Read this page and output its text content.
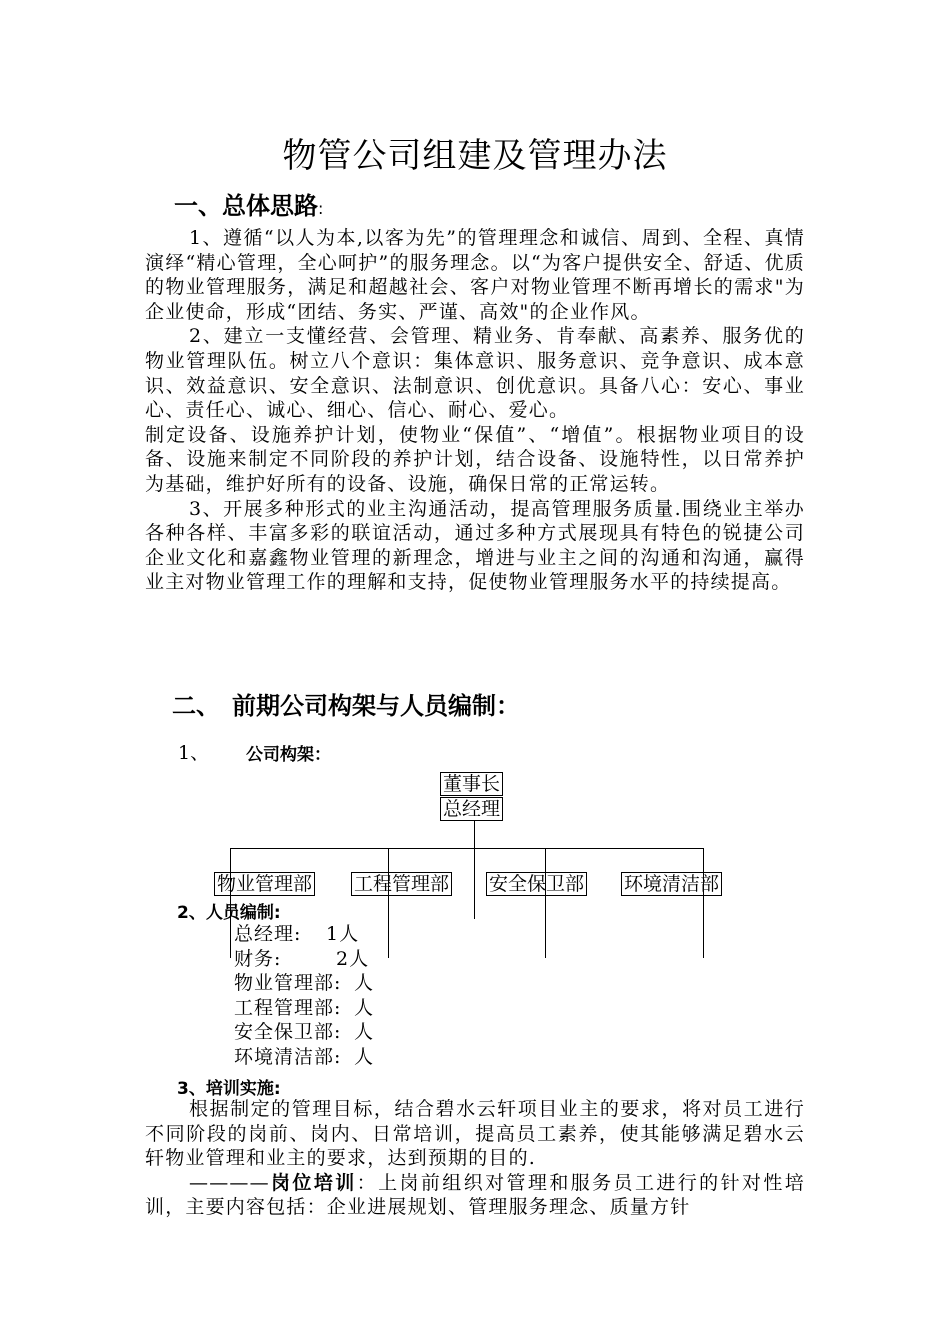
物管公司组建及管理办法
一、总体思路:

1、遵循“以人为本,以客为先”的管理理念和诚信、周到、全程、真情演绎“精心管理，全心呵护”的服务理念。以“为客户提供安全、舒适、优质的物业管理服务，满足和超越社会、客户对物业管理不断再增长的需求"为企业使命，形成“团结、务实、严谨、高效"的企业作风。

2、建立一支懂经营、会管理、精业务、肯奉献、高素养、服务优的物业管理队伍。树立八个意识：集体意识、服务意识、竞争意识、成本意识、效益意识、安全意识、法制意识、创优意识。具备八心：安心、事业心、责任心、诚心、细心、信心、耐心、爱心。

制定设备、设施养护计划，使物业“保值”、“增值”。根据物业项目的设备、设施来制定不同阶段的养护计划，结合设备、设施特性，以日常养护为基础，维护好所有的设备、设施，确保日常的正常运转。

3、开展多种形式的业主沟通活动，提高管理服务质量.围绕业主举办各种各样、丰富多彩的联谊活动，通过多种方式展现具有特色的锐捷公司企业文化和嘉鑫物业管理的新理念，增进与业主之间的沟通和沟通，赢得业主对物业管理工作的理解和支持，促使物业管理服务水平的持续提高。

二、　前期公司构架与人员编制：
1、 公司构架：
董事长
总经理
物业管理部 工程管理部 安全保卫部 环境清洁部
2、人员编制:
总经理:	1人
财务:	2人
物业管理部: 人
工程管理部: 人
安全保卫部: 人
环境清洁部: 人
3、培训实施:

根据制定的管理目标，结合碧水云轩项目业主的要求，将对员工进行不同阶段的岗前、岗内、日常培训，提高员工素养，使其能够满足碧水云轩物业管理和业主的要求，达到预期的目的.

————岗位培训：上岗前组织对管理和服务员工进行的针对性培训，主要内容包括：企业进展规划、管理服务理念、质量方针
